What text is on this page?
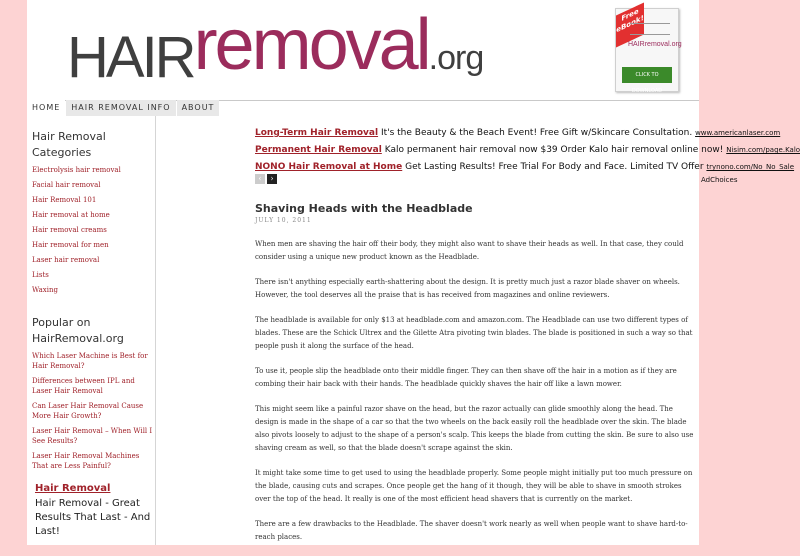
HAIRremoval.org
Free eBook!
HAIRremoval.org
CLICK TO DOWNLOAD
HOME	HAIR REMOVAL INFO	ABOUT
Hair Removal Categories
Electrolysis hair removal
Facial hair removal
Hair Removal 101
Hair removal at home
Hair removal creams
Hair removal for men
Laser hair removal
Lists
Waxing
Popular on HairRemoval.org
Which Laser Machine is Best for Hair Removal?
Differences between IPL and Laser Hair Removal
Can Laser Hair Removal Cause More Hair Growth?
Laser Hair Removal – When Will I See Results?
Laser Hair Removal Machines That are Less Painful?
Hair Removal
Hair Removal - Great Results That Last - And Last!
Long-Term Hair Removal It's the Beauty & the Beach Event! Free Gift w/Skincare Consultation. www.americanlaser.com
Permanent Hair Removal Kalo permanent hair removal now $39 Order Kalo hair removal online now! Nisim.com/page.Kalo
NONO Hair Removal at Home Get Lasting Results! Free Trial For Body and Face. Limited TV Offer trynono.com/No_No_Sale
‹	›
Shaving Heads with the Headblade
JULY 10, 2011

When men are shaving the hair off their body, they might also want to shave their heads as well. In that case, they could consider using a unique new product known as the Headblade.

There isn't anything especially earth-shattering about the design. It is pretty much just a razor blade shaver on wheels. However, the tool deserves all the praise that is has received from magazines and online reviewers.

The headblade is available for only $13 at headblade.com and amazon.com. The Headblade can use two different types of blades. These are the Schick Ultrex and the Gilette Atra pivoting twin blades. The blade is positioned in such a way so that people push it along the surface of the head.

To use it, people slip the headblade onto their middle finger. They can then shave off the hair in a motion as if they are combing their hair back with their hands. The headblade quickly shaves the hair off like a lawn mower.

This might seem like a painful razor shave on the head, but the razor actually can glide smoothly along the head. The design is made in the shape of a car so that the two wheels on the back easily roll the headblade over the skin. The blade also pivots loosely to adjust to the shape of a person's scalp. This keeps the blade from cutting the skin. Be sure to also use shaving cream as well, so that the blade doesn't scrape against the skin.

It might take some time to get used to using the headblade properly. Some people might initially put too much pressure on the blade, causing cuts and scrapes. Once people get the hang of it though, they will be able to shave in smooth strokes over the top of the head. It really is one of the most efficient head shavers that is currently on the market.

There are a few drawbacks to the Headblade. The shaver doesn't work nearly as well when people want to shave hard-to-reach places.

AdChoices
